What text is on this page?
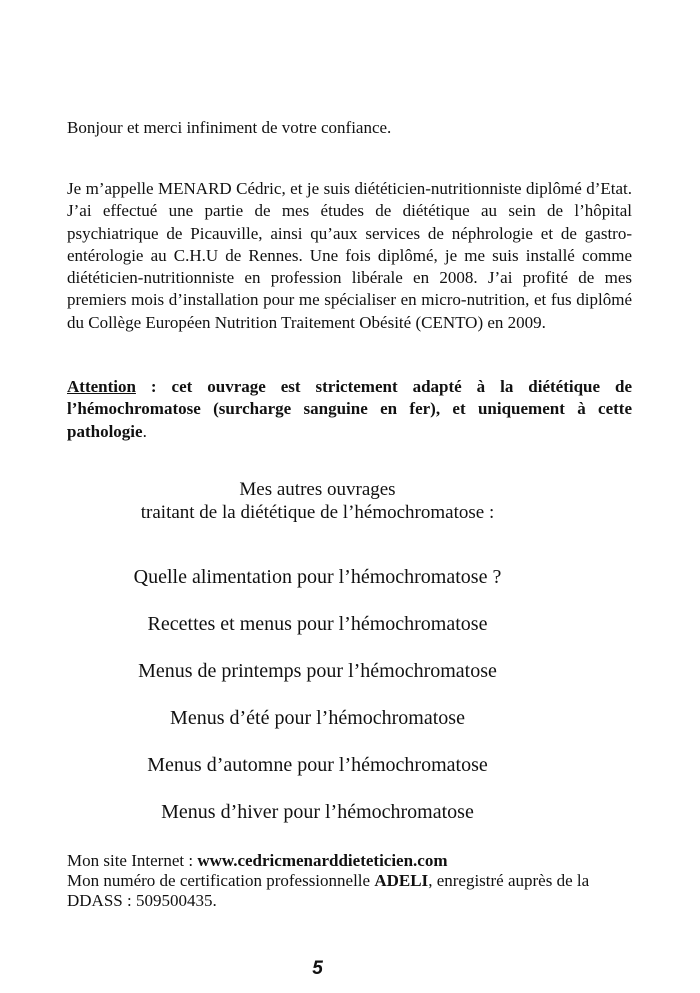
Bonjour et merci infiniment de votre confiance.

Je m’appelle MENARD Cédric, et je suis diététicien-nutritionniste diplômé d’Etat. J’ai effectué une partie de mes études de diététique au sein de l’hôpital psychiatrique de Picauville, ainsi qu’aux services de néphrologie et de gastro-entérologie au C.H.U de Rennes. Une fois diplômé, je me suis installé comme diététicien-nutritionniste en profession libérale en 2008. J’ai profité de mes premiers mois d’installation pour me spécialiser en micro-nutrition, et fus diplômé du Collège Européen Nutrition Traitement Obésité (CENTO) en 2009.

Attention : cet ouvrage est strictement adapté à la diététique de l’hémochromatose (surcharge sanguine en fer), et uniquement à cette pathologie.

Mes autres ouvrages
traitant de la diététique de l’hémochromatose :
Quelle alimentation pour l’hémochromatose ?
Recettes et menus pour l’hémochromatose
Menus de printemps pour l’hémochromatose
Menus d’été pour l’hémochromatose
Menus d’automne pour l’hémochromatose
Menus d’hiver pour l’hémochromatose

Mon site Internet : www.cedricmenarddieteticien.com
Mon numéro de certification professionnelle ADELI, enregistré auprès de la DDASS : 509500435.

5
